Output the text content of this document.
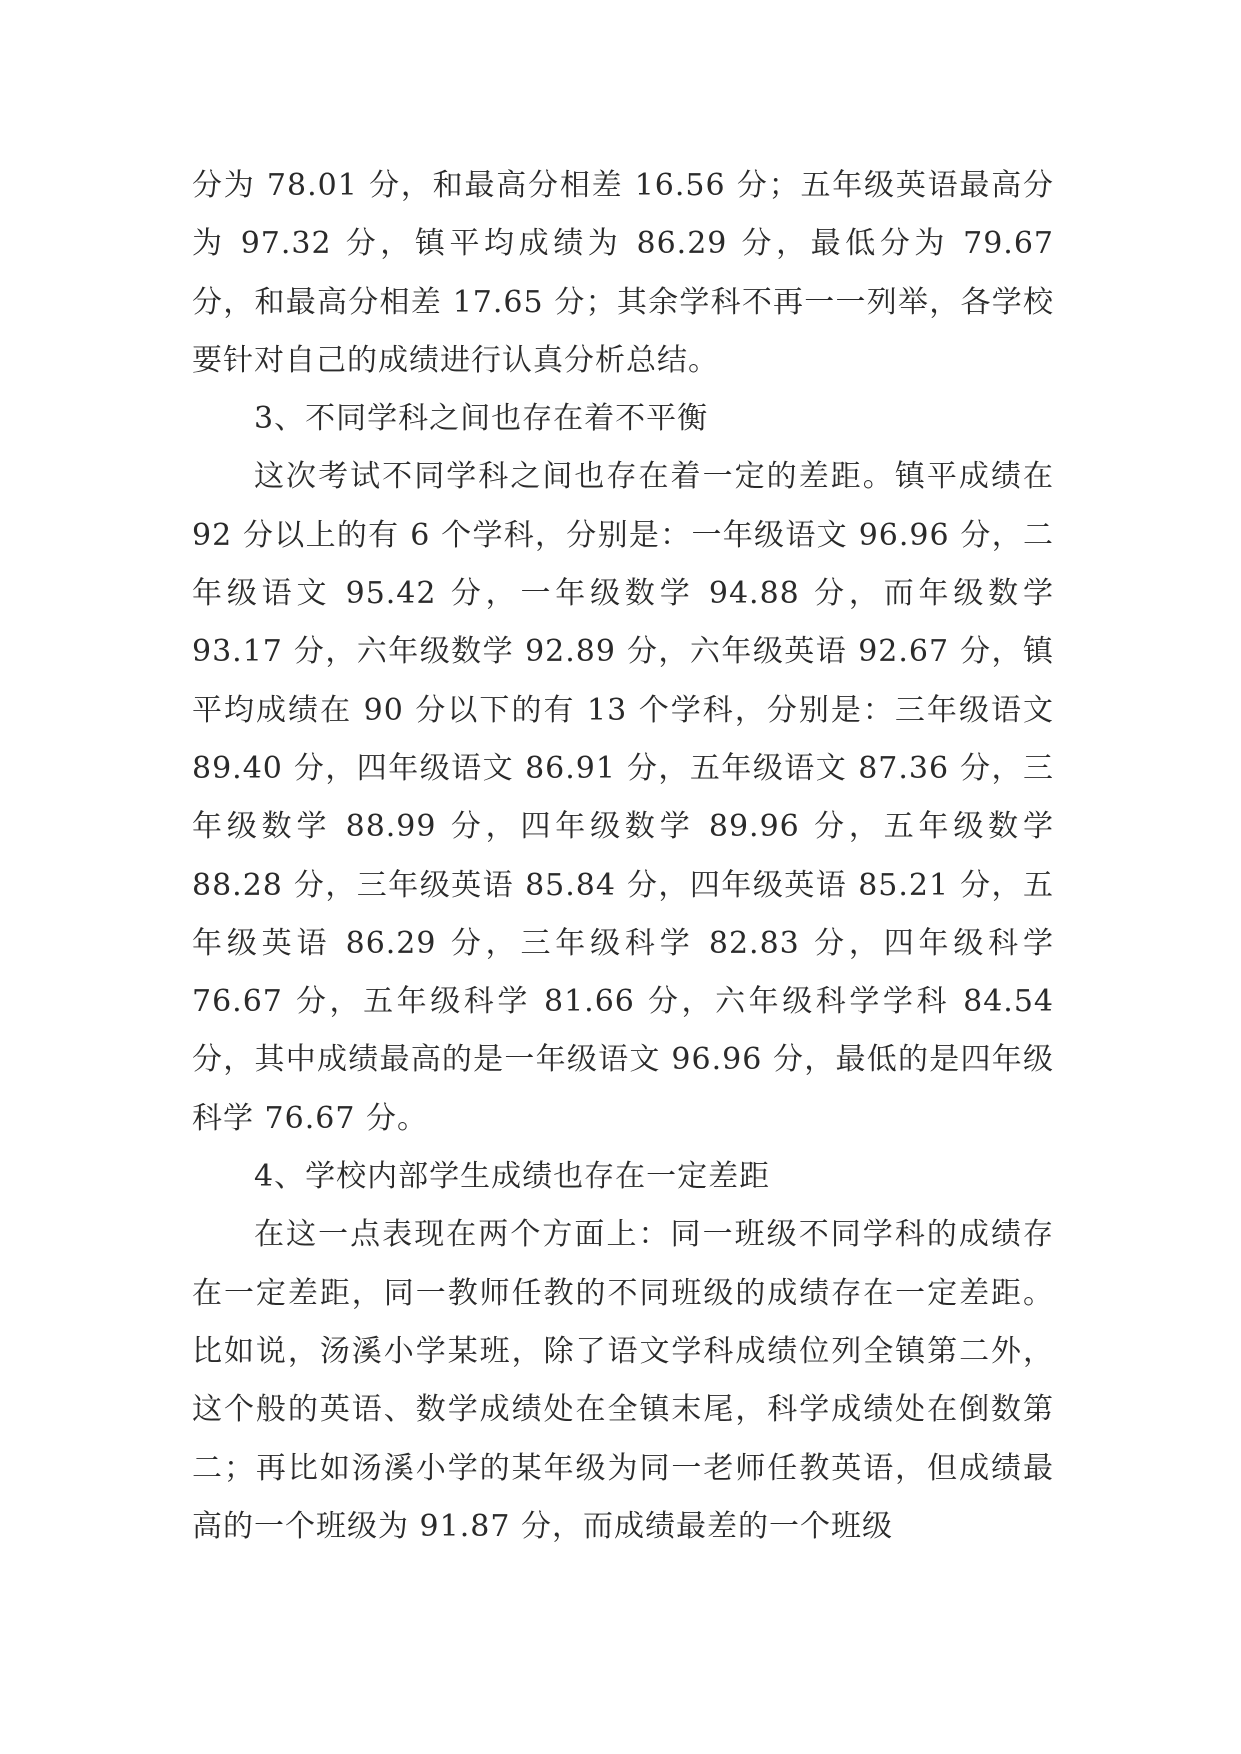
分为 78.01 分，和最高分相差 16.56 分；五年级英语最高分为 97.32 分，镇平均成绩为 86.29 分，最低分为 79.67 分，和最高分相差 17.65 分；其余学科不再一一列举，各学校要针对自己的成绩进行认真分析总结。

3、不同学科之间也存在着不平衡

这次考试不同学科之间也存在着一定的差距。镇平成绩在 92 分以上的有 6 个学科，分别是：一年级语文 96.96 分，二年级语文 95.42 分，一年级数学 94.88 分，而年级数学 93.17 分，六年级数学 92.89 分，六年级英语 92.67 分，镇平均成绩在 90 分以下的有 13 个学科，分别是：三年级语文 89.40 分，四年级语文 86.91 分，五年级语文 87.36 分，三年级数学 88.99 分，四年级数学 89.96 分，五年级数学 88.28 分，三年级英语 85.84 分，四年级英语 85.21 分，五年级英语 86.29 分，三年级科学 82.83 分，四年级科学 76.67 分，五年级科学 81.66 分，六年级科学学科 84.54 分，其中成绩最高的是一年级语文 96.96 分，最低的是四年级科学 76.67 分。

4、学校内部学生成绩也存在一定差距

在这一点表现在两个方面上：同一班级不同学科的成绩存在一定差距，同一教师任教的不同班级的成绩存在一定差距。比如说，汤溪小学某班，除了语文学科成绩位列全镇第二外，这个般的英语、数学成绩处在全镇末尾，科学成绩处在倒数第二；再比如汤溪小学的某年级为同一老师任教英语，但成绩最高的一个班级为 91.87 分，而成绩最差的一个班级
